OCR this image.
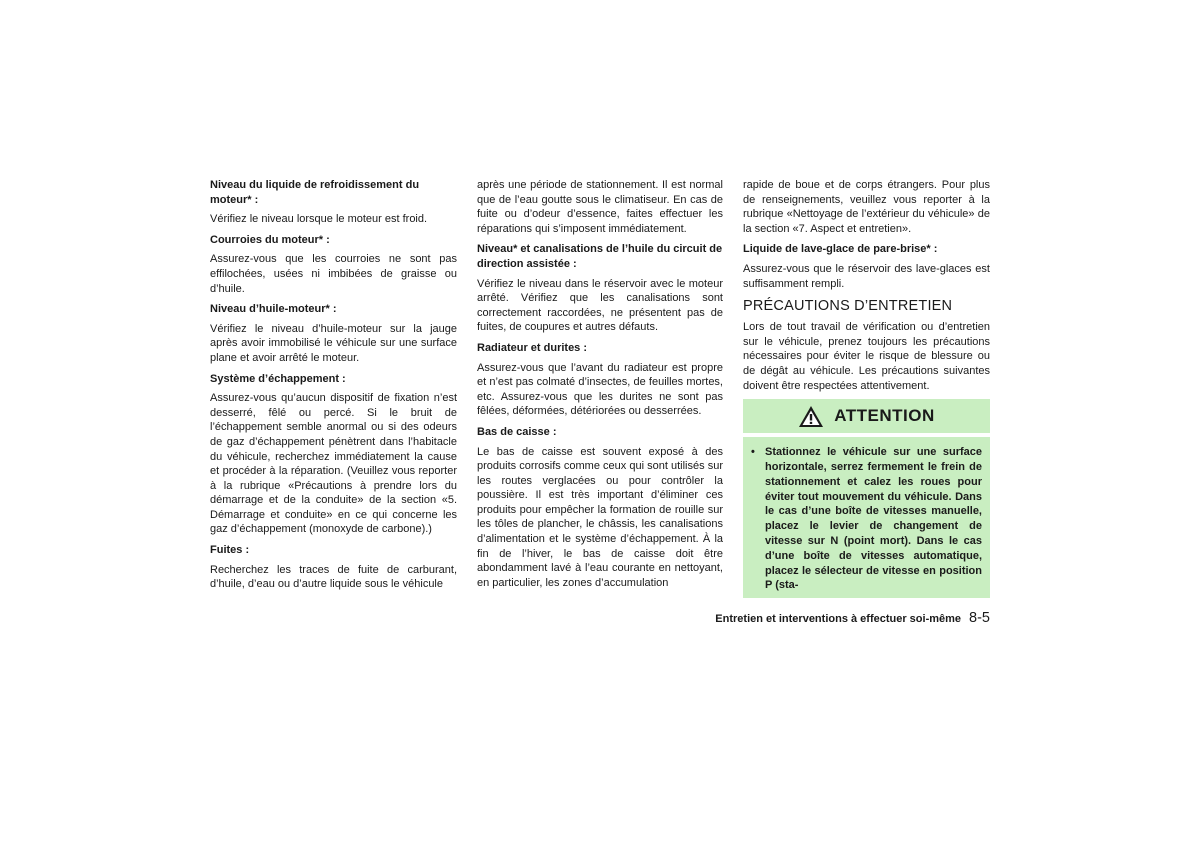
Niveau du liquide de refroidissement du moteur* :
Vérifiez le niveau lorsque le moteur est froid.
Courroies du moteur* :
Assurez-vous que les courroies ne sont pas effilochées, usées ni imbibées de graisse ou d’huile.
Niveau d’huile-moteur* :
Vérifiez le niveau d’huile-moteur sur la jauge après avoir immobilisé le véhicule sur une surface plane et avoir arrêté le moteur.
Système d’échappement :
Assurez-vous qu’aucun dispositif de fixation n’est desserré, fêlé ou percé. Si le bruit de l’échappement semble anormal ou si des odeurs de gaz d’échappement pénètrent dans l’habitacle du véhicule, recherchez immédiatement la cause et procéder à la réparation. (Veuillez vous reporter à la rubrique «Précautions à prendre lors du démarrage et de la conduite» de la section «5. Démarrage et conduite» en ce qui concerne les gaz d’échappement (monoxyde de carbone).)
Fuites :
Recherchez les traces de fuite de carburant, d’huile, d’eau ou d’autre liquide sous le véhicule
après une période de stationnement. Il est normal que de l’eau goutte sous le climatiseur. En cas de fuite ou d’odeur d’essence, faites effectuer les réparations qui s’imposent immédiatement.
Niveau* et canalisations de l’huile du circuit de direction assistée :
Vérifiez le niveau dans le réservoir avec le moteur arrêté. Vérifiez que les canalisations sont correctement raccordées, ne présentent pas de fuites, de coupures et autres défauts.
Radiateur et durites :
Assurez-vous que l’avant du radiateur est propre et n’est pas colmaté d’insectes, de feuilles mortes, etc. Assurez-vous que les durites ne sont pas fêlées, déformées, détériorées ou desserrées.
Bas de caisse :
Le bas de caisse est souvent exposé à des produits corrosifs comme ceux qui sont utilisés sur les routes verglacées ou pour contrôler la poussière. Il est très important d’éliminer ces produits pour empêcher la formation de rouille sur les tôles de plancher, le châssis, les canalisations d’alimentation et le système d’échappement. À la fin de l’hiver, le bas de caisse doit être abondamment lavé à l’eau courante en nettoyant, en particulier, les zones d’accumulation
rapide de boue et de corps étrangers. Pour plus de renseignements, veuillez vous reporter à la rubrique «Nettoyage de l’extérieur du véhicule» de la section «7. Aspect et entretien».
Liquide de lave-glace de pare-brise* :
Assurez-vous que le réservoir des lave-glaces est suffisamment rempli.
PRÉCAUTIONS D’ENTRETIEN
Lors de tout travail de vérification ou d’entretien sur le véhicule, prenez toujours les précautions nécessaires pour éviter le risque de blessure ou de dégât au véhicule. Les précautions suivantes doivent être respectées attentivement.
ATTENTION
• Stationnez le véhicule sur une surface horizontale, serrez fermement le frein de stationnement et calez les roues pour éviter tout mouvement du véhicule. Dans le cas d’une boîte de vitesses manuelle, placez le levier de changement de vitesse sur N (point mort). Dans le cas d’une boîte de vitesses automatique, placez le sélecteur de vitesse en position P (sta-
Entretien et interventions à effectuer soi-même 8-5
